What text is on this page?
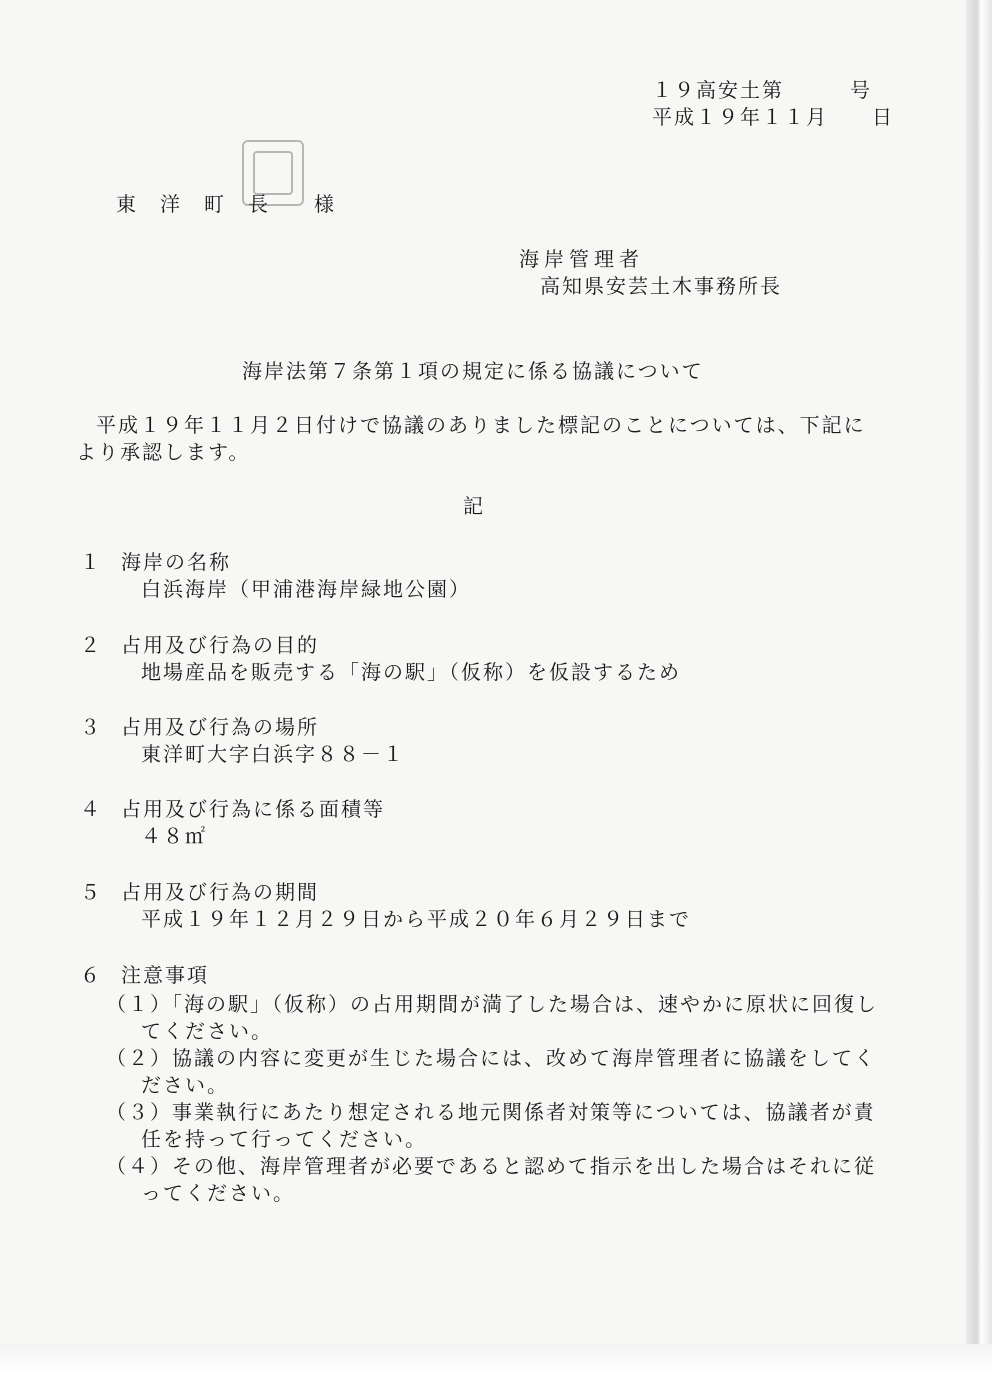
１９高安土第　　　号
平成１９年１１月　　日
東　洋　町　長　　様
海岸管理者
高知県安芸土木事務所長
海岸法第７条第１項の規定に係る協議について
平成１９年１１月２日付けで協議のありました標記のことについては、下記に
より承認します。
記
１ 海岸の名称
白浜海岸（甲浦港海岸緑地公園）
２ 占用及び行為の目的
地場産品を販売する「海の駅」（仮称）を仮設するため
３ 占用及び行為の場所
東洋町大字白浜字８８－１
４ 占用及び行為に係る面積等
４８㎡
５ 占用及び行為の期間
平成１９年１２月２９日から平成２０年６月２９日まで
６ 注意事項
（１）「海の駅」（仮称）の占用期間が満了した場合は、速やかに原状に回復し
てください。
（２）協議の内容に変更が生じた場合には、改めて海岸管理者に協議をしてく
ださい。
（３）事業執行にあたり想定される地元関係者対策等については、協議者が責
任を持って行ってください。
（４）その他、海岸管理者が必要であると認めて指示を出した場合はそれに従
ってください。
